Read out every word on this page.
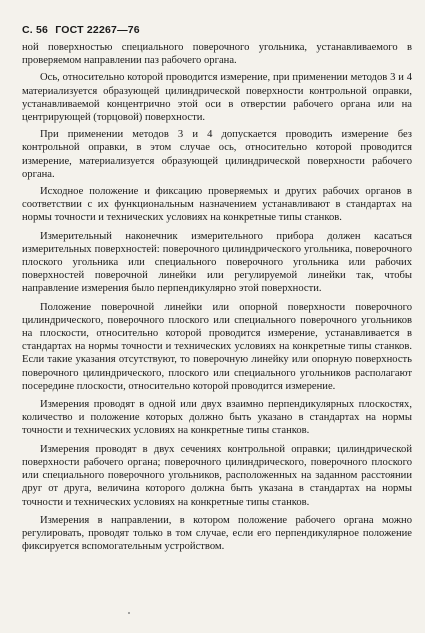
С. 56 ГОСТ 22267—76

ной поверхностью специального поверочного угольника, устанавливаемого в проверяемом направлении паз рабочего органа.

Ось, относительно которой проводится измерение, при применении методов 3 и 4 материализуется образующей цилиндрической поверхности контрольной оправки, устанавливаемой концентрично этой оси в отверстии рабочего органа или на центрирующей (торцовой) поверхности.

При применении методов 3 и 4 допускается проводить измерение без контрольной оправки, в этом случае ось, относительно которой проводится измерение, материализуется образующей цилиндрической поверхности рабочего органа.

Исходное положение и фиксацию проверяемых и других рабочих органов в соответствии с их функциональным назначением устанавливают в стандартах на нормы точности и технических условиях на конкретные типы станков.

Измерительный наконечник измерительного прибора должен касаться измерительных поверхностей: поверочного цилиндрического угольника, поверочного плоского угольника или специального поверочного угольника или рабочих поверхностей поверочной линейки или регулируемой линейки так, чтобы направление измерения было перпендикулярно этой поверхности.

Положение поверочной линейки или опорной поверхности поверочного цилиндрического, поверочного плоского или специального поверочного угольников на плоскости, относительно которой проводится измерение, устанавливается в стандартах на нормы точности и технических условиях на конкретные типы станков. Если такие указания отсутствуют, то поверочную линейку или опорную поверхность поверочного цилиндрического, плоского или специального угольников располагают посередине плоскости, относительно которой проводится измерение.

Измерения проводят в одной или двух взаимно перпендикулярных плоскостях, количество и положение которых должно быть указано в стандартах на нормы точности и технических условиях на конкретные типы станков.

Измерения проводят в двух сечениях контрольной оправки; цилиндрической поверхности рабочего органа; поверочного цилиндрического, поверочного плоского или специального поверочного угольников, расположенных на заданном расстоянии друг от друга, величина которого должна быть указана в стандартах на нормы точности и технических условиях на конкретные типы станков.

Измерения в направлении, в котором положение рабочего органа можно регулировать, проводят только в том случае, если его перпендикулярное положение фиксируется вспомогательным устройством.
